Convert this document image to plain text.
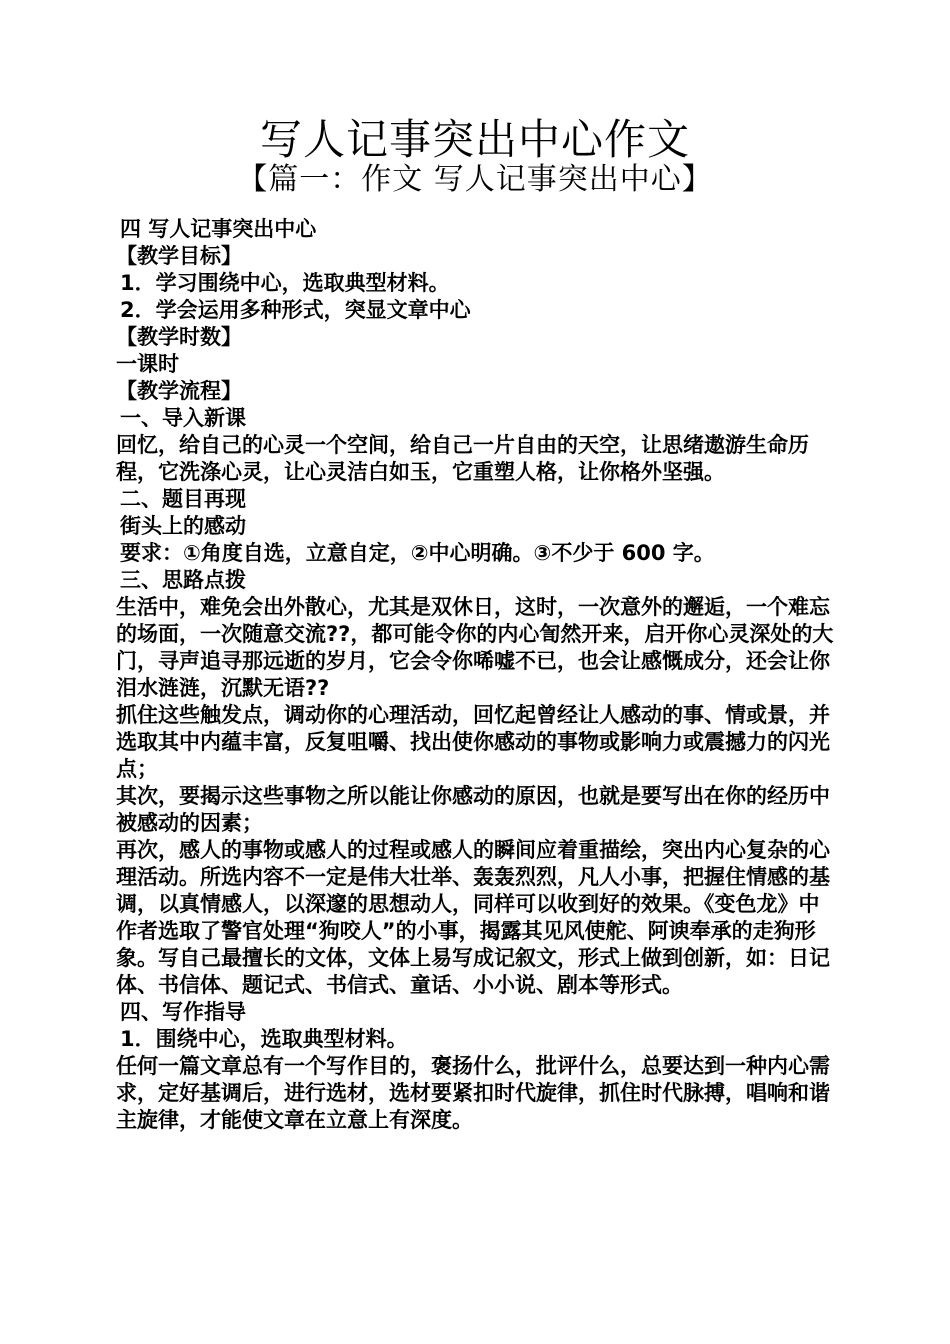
写人记事突出中心作文
【篇一：作文 写人记事突出中心】

四 写人记事突出中心

【教学目标】

1．学习围绕中心，选取典型材料。

2．学会运用多种形式，突显文章中心

【教学时数】

一课时

【教学流程】

一、导入新课

回忆，给自己的心灵一个空间，给自己一片自由的天空，让思绪遨游生命历程，它洗涤心灵，让心灵洁白如玉，它重塑人格，让你格外坚强。

二、题目再现

街头上的感动

要求：①角度自选，立意自定，②中心明确。③不少于 600 字。

三、思路点拨

生活中，难免会出外散心，尤其是双休日，这时，一次意外的邂逅，一个难忘的场面，一次随意交流??，都可能令你的内心訇然开来，启开你心灵深处的大门，寻声追寻那远逝的岁月，它会令你唏嘘不已，也会让感慨成分，还会让你泪水涟涟，沉默无语??

抓住这些触发点，调动你的心理活动，回忆起曾经让人感动的事、情或景，并选取其中内蕴丰富，反复咀嚼、找出使你感动的事物或影响力或震撼力的闪光点；

其次，要揭示这些事物之所以能让你感动的原因，也就是要写出在你的经历中被感动的因素；

再次，感人的事物或感人的过程或感人的瞬间应着重描绘，突出内心复杂的心理活动。所选内容不一定是伟大壮举、轰轰烈烈，凡人小事，把握住情感的基调，以真情感人，以深邃的思想动人，同样可以收到好的效果。《变色龙》中作者选取了警官处理“狗咬人”的小事，揭露其见风使舵、阿谀奉承的走狗形象。写自己最擅长的文体，文体上易写成记叙文，形式上做到创新，如：日记体、书信体、题记式、书信式、童话、小小说、剧本等形式。

四、写作指导

1．围绕中心，选取典型材料。

任何一篇文章总有一个写作目的，褒扬什么，批评什么，总要达到一种内心需求，定好基调后，进行选材，选材要紧扣时代旋律，抓住时代脉搏，唱响和谐主旋律，才能使文章在立意上有深度。
